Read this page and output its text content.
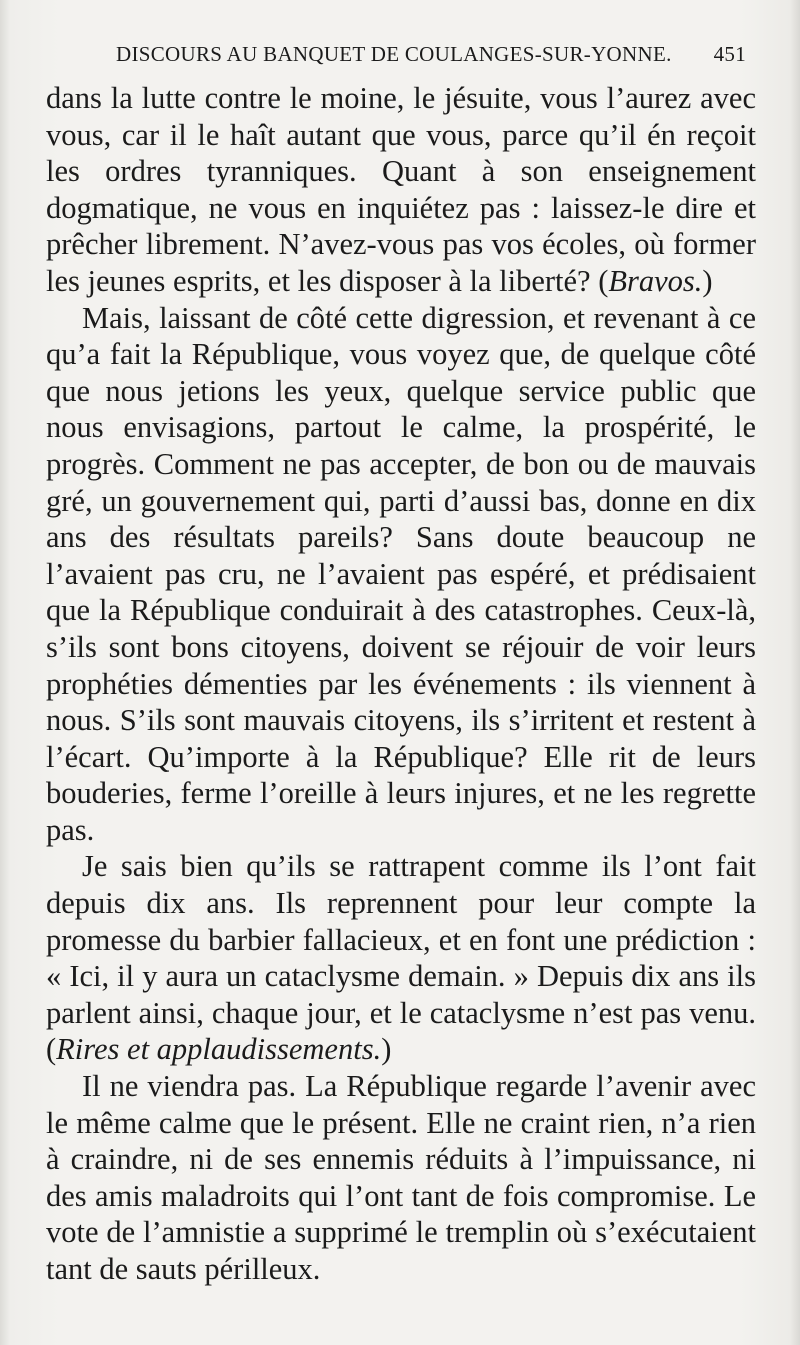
DISCOURS AU BANQUET DE COULANGES-SUR-YONNE. 451

dans la lutte contre le moine, le jésuite, vous l’aurez avec vous, car il le haît autant que vous, parce qu’il én reçoit les ordres tyranniques. Quant à son enseignement dogmatique, ne vous en inquiétez pas : laissez-le dire et prêcher librement. N’avez-vous pas vos écoles, où former les jeunes esprits, et les disposer à la liberté? (Bravos.)

Mais, laissant de côté cette digression, et revenant à ce qu’a fait la République, vous voyez que, de quelque côté que nous jetions les yeux, quelque service public que nous envisagions, partout le calme, la prospérité, le progrès. Comment ne pas accepter, de bon ou de mauvais gré, un gouvernement qui, parti d’aussi bas, donne en dix ans des résultats pareils? Sans doute beaucoup ne l’avaient pas cru, ne l’avaient pas espéré, et prédisaient que la République conduirait à des catastrophes. Ceux-là, s’ils sont bons citoyens, doivent se réjouir de voir leurs prophéties démenties par les événements : ils viennent à nous. S’ils sont mauvais citoyens, ils s’irritent et restent à l’écart. Qu’importe à la République? Elle rit de leurs bouderies, ferme l’oreille à leurs injures, et ne les regrette pas.

Je sais bien qu’ils se rattrapent comme ils l’ont fait depuis dix ans. Ils reprennent pour leur compte la promesse du barbier fallacieux, et en font une prédiction : « Ici, il y aura un cataclysme demain. » Depuis dix ans ils parlent ainsi, chaque jour, et le cataclysme n’est pas venu. (Rires et applaudissements.)

Il ne viendra pas. La République regarde l’avenir avec le même calme que le présent. Elle ne craint rien, n’a rien à craindre, ni de ses ennemis réduits à l’impuissance, ni des amis maladroits qui l’ont tant de fois compromise. Le vote de l’amnistie a supprimé le tremplin où s’exécutaient tant de sauts périlleux.
